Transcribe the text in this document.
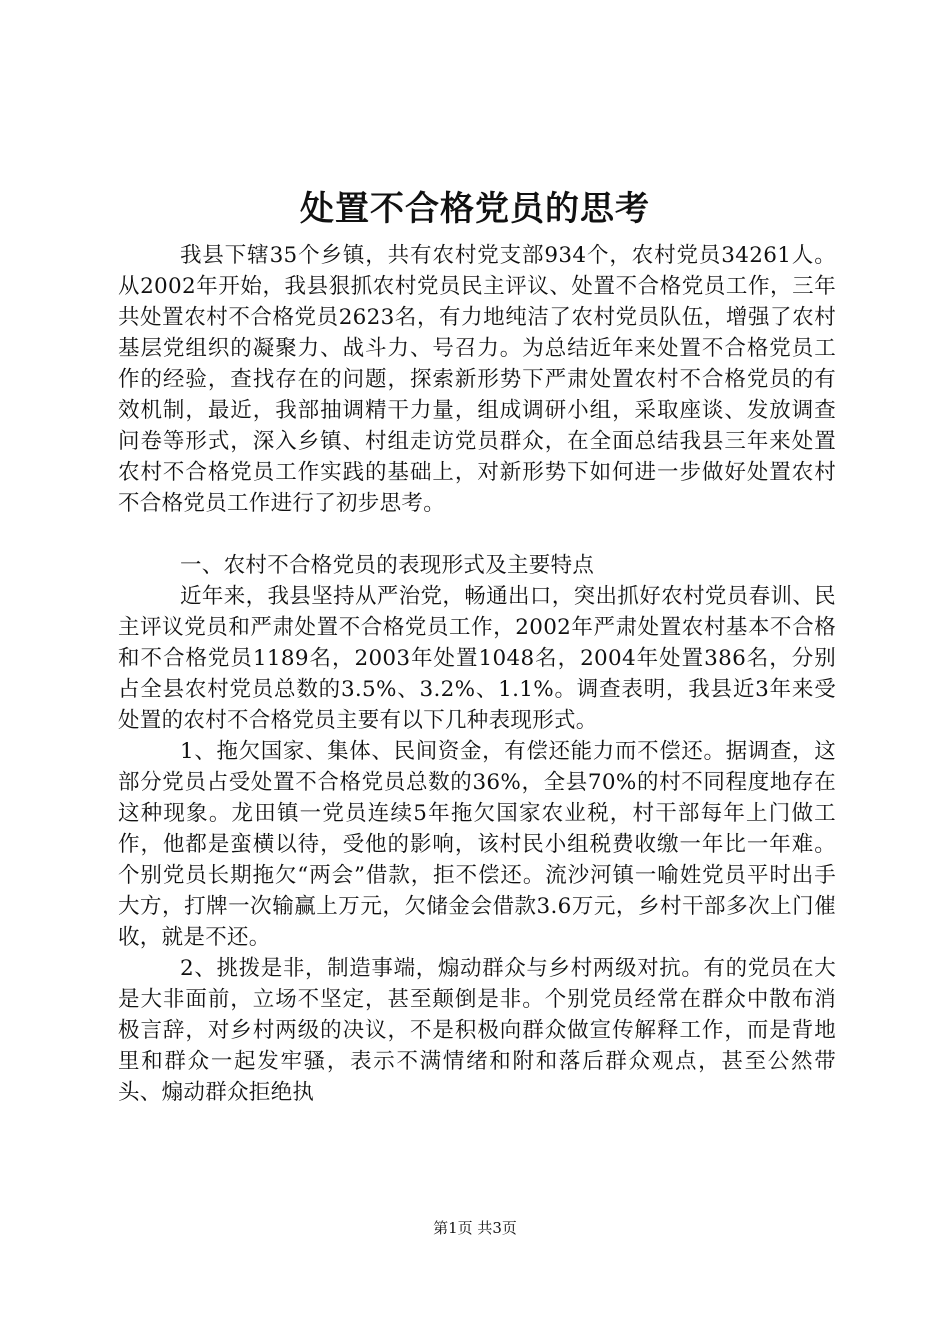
处置不合格党员的思考

我县下辖35个乡镇，共有农村党支部934个，农村党员34261人。从2002年开始，我县狠抓农村党员民主评议、处置不合格党员工作，三年共处置农村不合格党员2623名，有力地纯洁了农村党员队伍，增强了农村基层党组织的凝聚力、战斗力、号召力。为总结近年来处置不合格党员工作的经验，查找存在的问题，探索新形势下严肃处置农村不合格党员的有效机制，最近，我部抽调精干力量，组成调研小组，采取座谈、发放调查问卷等形式，深入乡镇、村组走访党员群众，在全面总结我县三年来处置农村不合格党员工作实践的基础上，对新形势下如何进一步做好处置农村不合格党员工作进行了初步思考。

一、农村不合格党员的表现形式及主要特点

近年来，我县坚持从严治党，畅通出口，突出抓好农村党员春训、民主评议党员和严肃处置不合格党员工作，2002年严肃处置农村基本不合格和不合格党员1189名，2003年处置1048名，2004年处置386名，分别占全县农村党员总数的3.5%、3.2%、1.1%。调查表明，我县近3年来受处置的农村不合格党员主要有以下几种表现形式。

1、拖欠国家、集体、民间资金，有偿还能力而不偿还。据调查，这部分党员占受处置不合格党员总数的36%，全县70%的村不同程度地存在这种现象。龙田镇一党员连续5年拖欠国家农业税，村干部每年上门做工作，他都是蛮横以待，受他的影响，该村民小组税费收缴一年比一年难。个别党员长期拖欠“两会”借款，拒不偿还。流沙河镇一喻姓党员平时出手大方，打牌一次输赢上万元，欠储金会借款3.6万元，乡村干部多次上门催收，就是不还。

2、挑拨是非，制造事端，煽动群众与乡村两级对抗。有的党员在大是大非面前，立场不坚定，甚至颠倒是非。个别党员经常在群众中散布消极言辞，对乡村两级的决议，不是积极向群众做宣传解释工作，而是背地里和群众一起发牢骚，表示不满情绪和附和落后群众观点，甚至公然带头、煽动群众拒绝执

第1页 共3页
